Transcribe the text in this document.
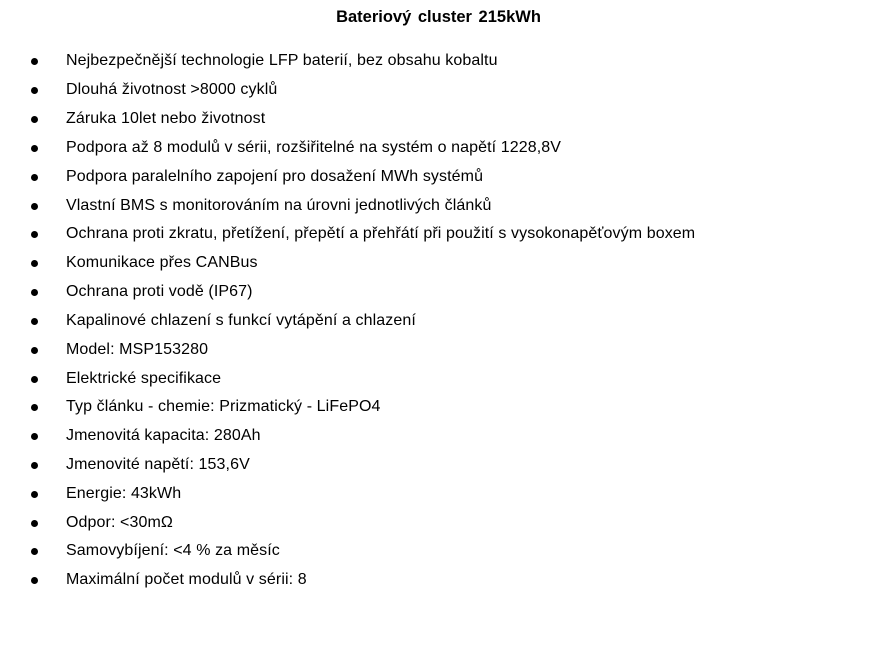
Bateriový cluster 215kWh
Nejbezpečnější technologie LFP baterií, bez obsahu kobaltu
Dlouhá životnost >8000 cyklů
Záruka 10let nebo životnost
Podpora až 8 modulů v sérii, rozšiřitelné na systém o napětí 1228,8V
Podpora paralelního zapojení pro dosažení MWh systémů
Vlastní BMS s monitorováním na úrovni jednotlivých článků
Ochrana proti zkratu, přetížení, přepětí a přehřátí při použití s vysokonapěťovým boxem
Komunikace přes CANBus
Ochrana proti vodě (IP67)
Kapalinové chlazení s funkcí vytápění a chlazení
Model: MSP153280
Elektrické specifikace
Typ článku - chemie: Prizmatický - LiFePO4
Jmenovitá kapacita: 280Ah
Jmenovité napětí: 153,6V
Energie: 43kWh
Odpor: <30mΩ
Samovybíjení: <4 % za měsíc
Maximální počet modulů v sérii: 8
